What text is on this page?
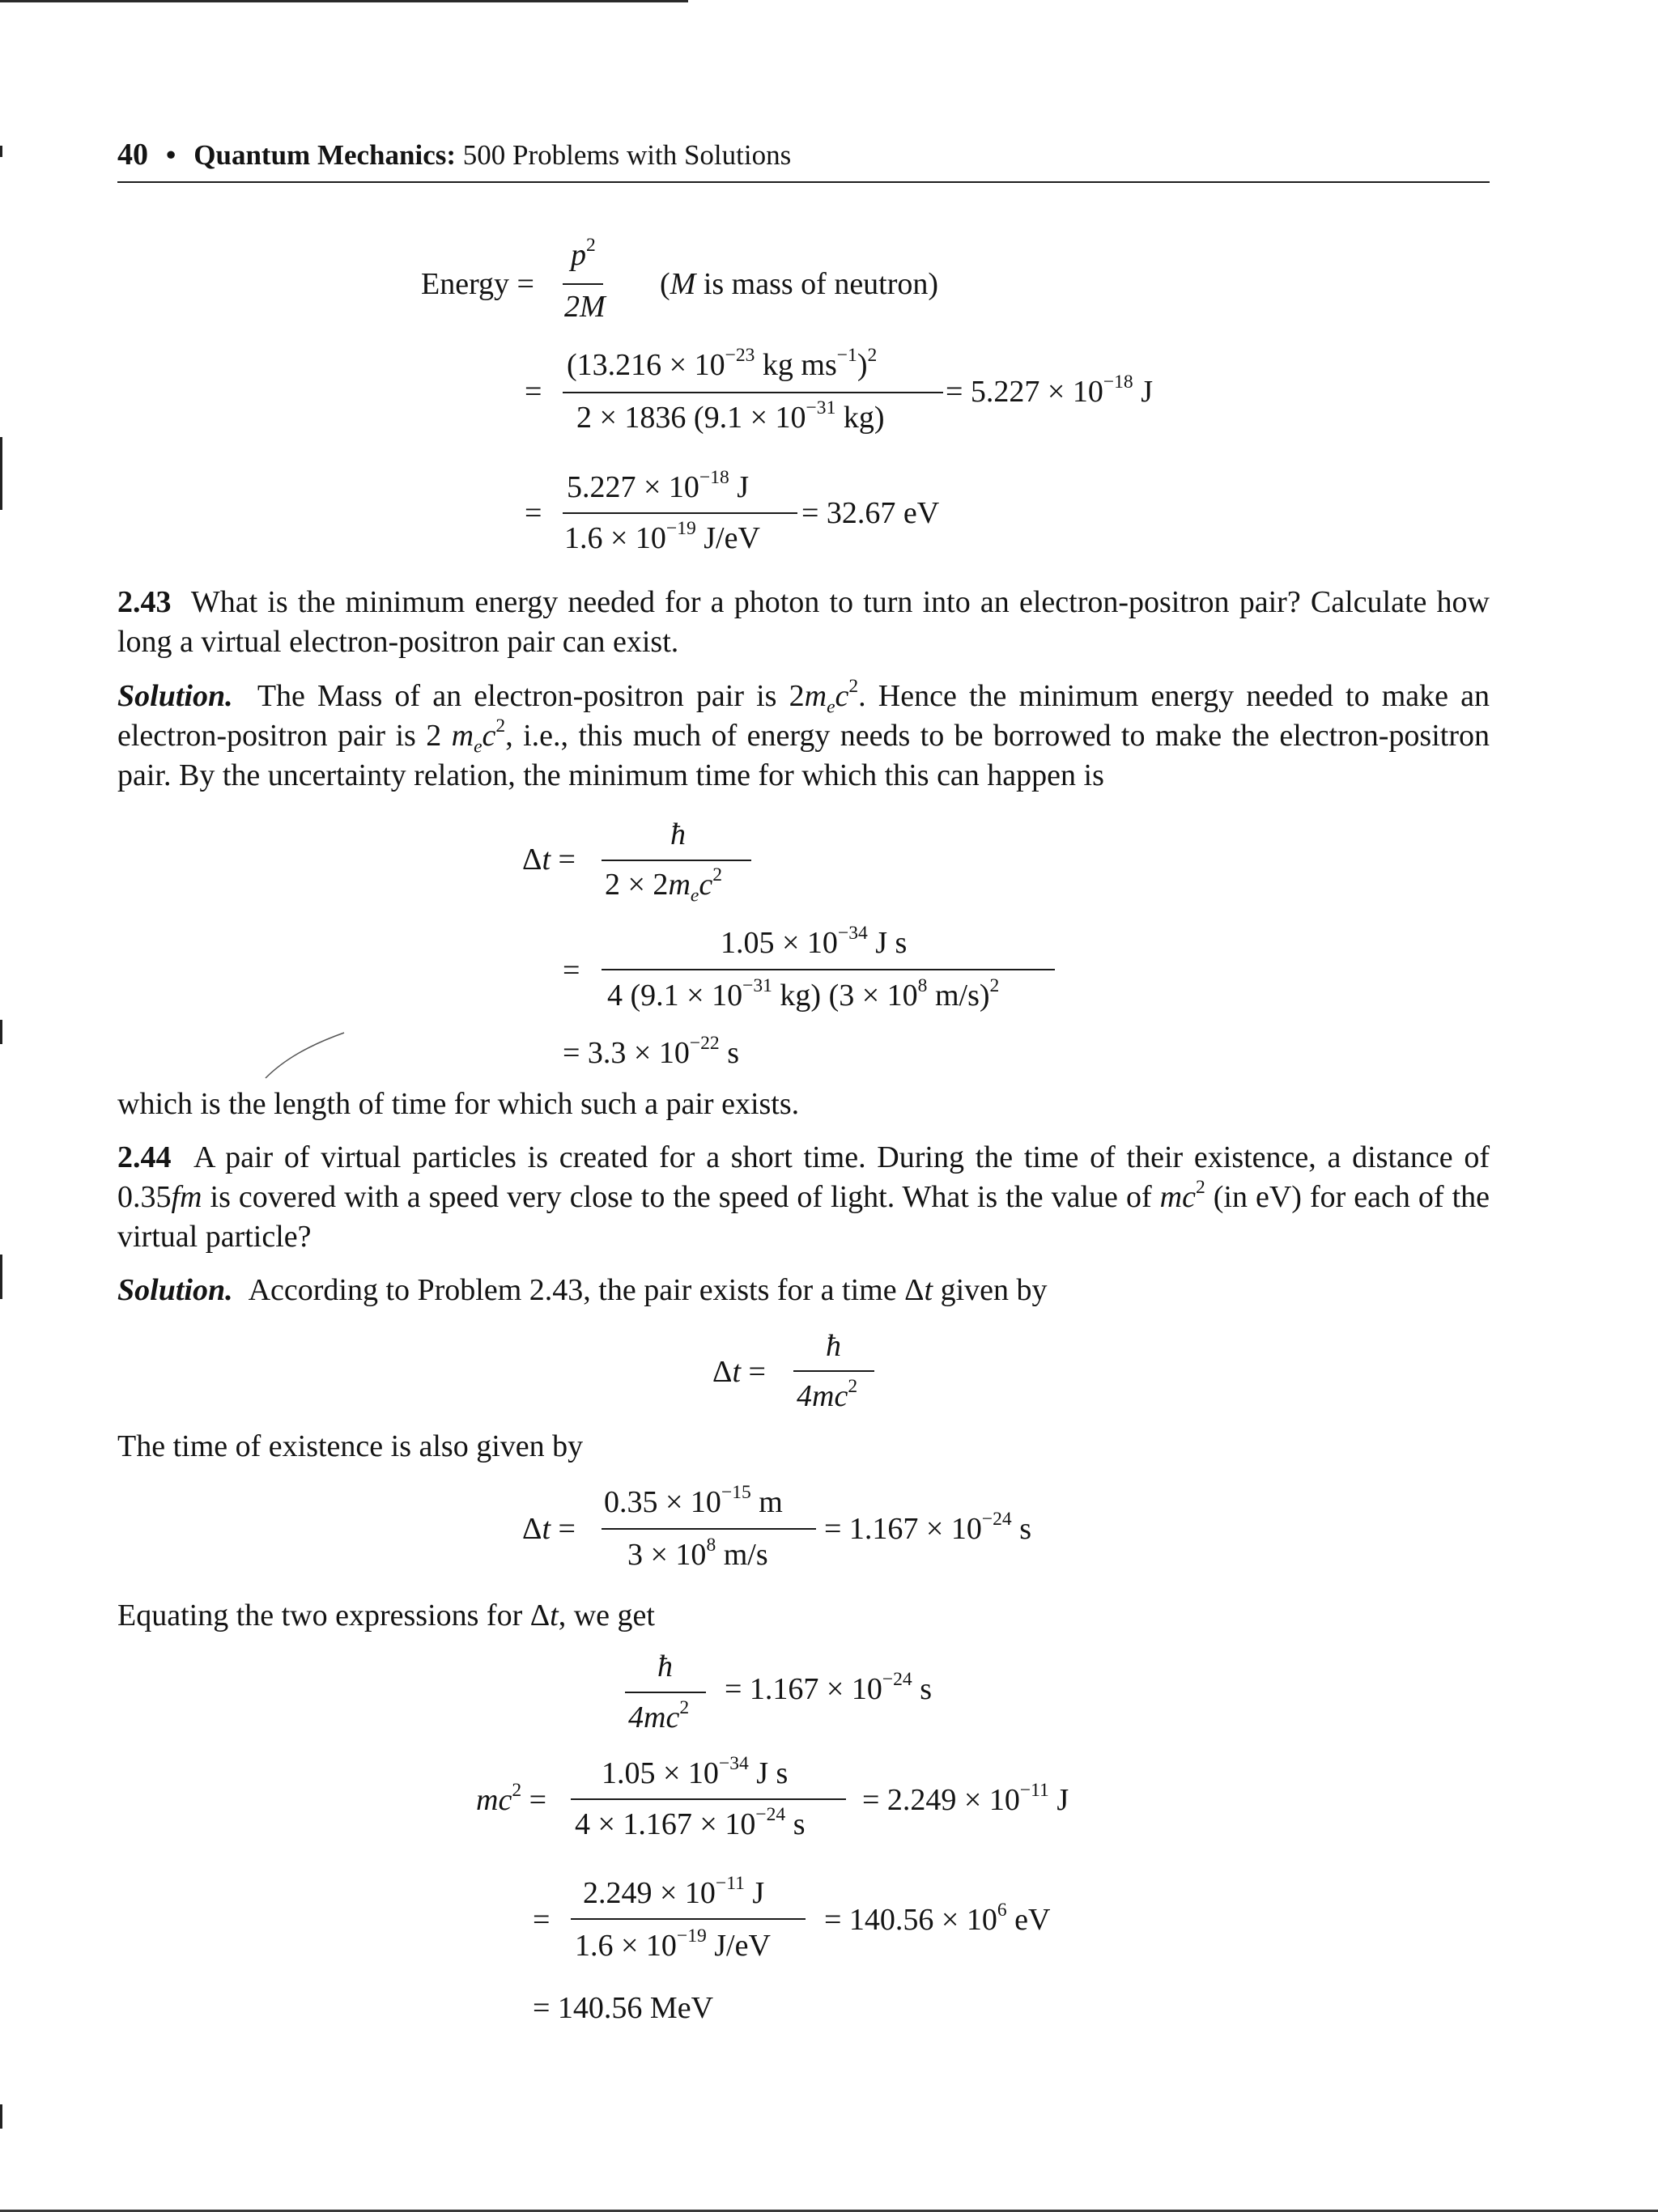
40 • Quantum Mechanics: 500 Problems with Solutions
Energy =
$p^2$
2M
(M is mass of neutron)
=
($13.216 \times 10^{-23}$ kg $ms^{-1})^2$
2 × 1836 ($9.1 \times 10^{-31}$ kg)
= $5.227 \times 10^{-18}$ J
=
$5.227 \times 10^{-18}$ J
$1.6 \times 10^{-19}$ J/eV
= 32.67 eV
2.43 What is the minimum energy needed for a photon to turn into an electron-positron pair? Calculate how long a virtual electron-positron pair can exist.
Solution. The Mass of an electron-positron pair is $2m_ec^2$. Hence the minimum energy needed to make an electron-positron pair is 2 $m_ec^2$, i.e., this much of energy needs to be borrowed to make the electron-positron pair. By the uncertainty relation, the minimum time for which this can happen is
Δt =
ħ
$2 \times 2m_ec^2$
=
$1.05 \times 10^{-34}$ J s
4 ($9.1 \times 10^{-31}$ kg) ($3 \times 10^8$ m/s)$^2$
= $3.3 \times 10^{-22}$ s
which is the length of time for which such a pair exists.
2.44 A pair of virtual particles is created for a short time. During the time of their existence, a distance of 0.35fm is covered with a speed very close to the speed of light. What is the value of $mc^2$ (in eV) for each of the virtual particle?
Solution. According to Problem 2.43, the pair exists for a time Δt given by
Δt =
ħ
$4mc^2$
The time of existence is also given by
Δt =
$0.35 \times 10^{-15}$ m
$3 \times 10^8$ m/s
= $1.167 \times 10^{-24}$ s
Equating the two expressions for Δt, we get
ħ
$4mc^2$
= $1.167 \times 10^{-24}$ s
$mc^2$ =
$1.05 \times 10^{-34}$ J s
$4 \times 1.167 \times 10^{-24}$ s
= $2.249 \times 10^{-11}$ J
=
$2.249 \times 10^{-11}$ J
$1.6 \times 10^{-19}$ J/eV
= $140.56 \times 10^6$ eV
= 140.56 MeV
